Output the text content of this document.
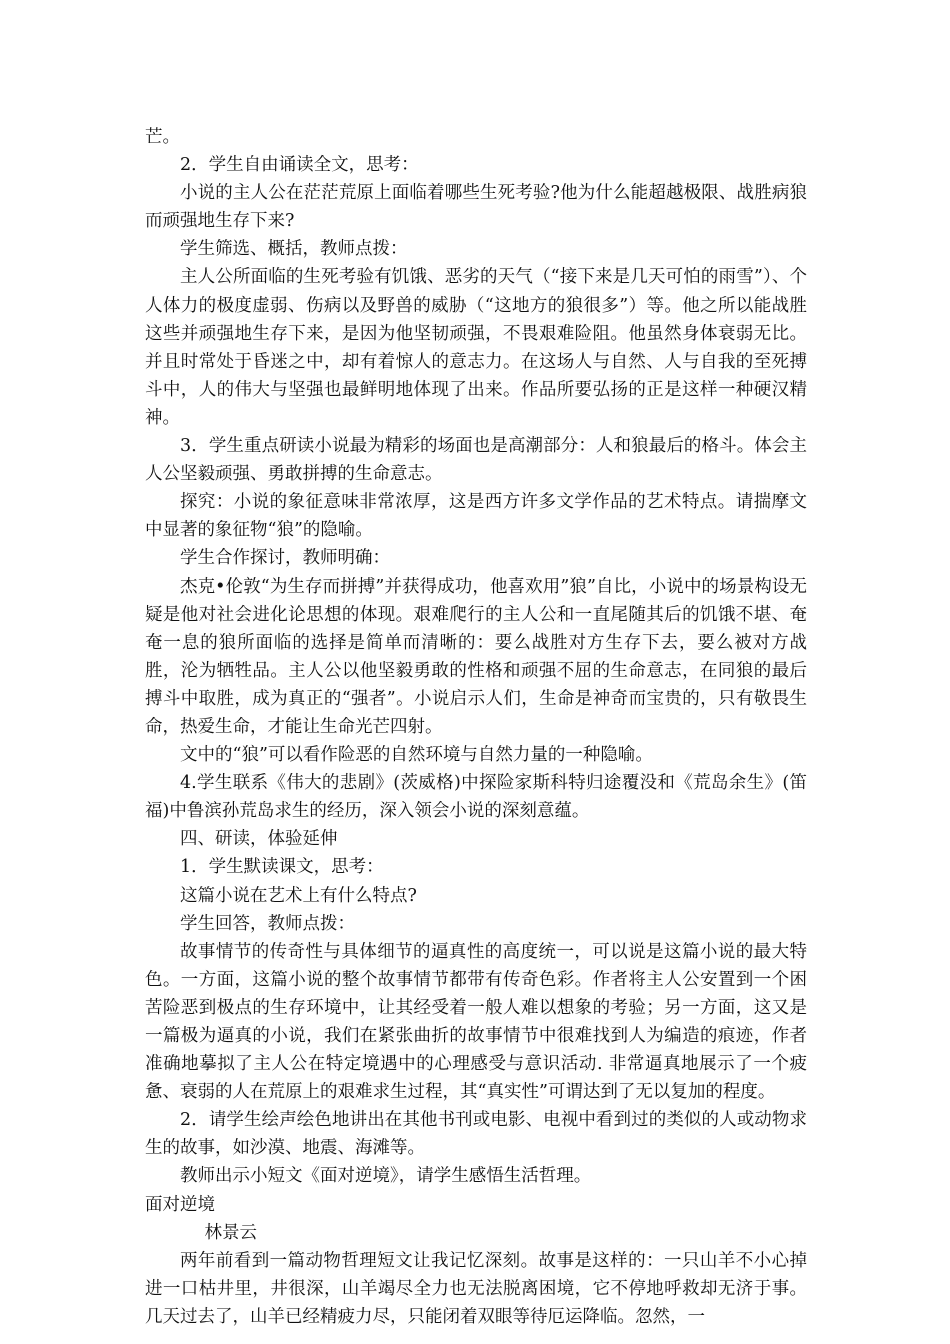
芒。

2．学生自由诵读全文，思考：

小说的主人公在茫茫荒原上面临着哪些生死考验?他为什么能超越极限、战胜病狼而顽强地生存下来?

学生筛选、概括，教师点拨：

主人公所面临的生死考验有饥饿、恶劣的天气（“接下来是几天可怕的雨雪”）、个人体力的极度虚弱、伤病以及野兽的威胁（“这地方的狼很多”）等。他之所以能战胜这些并顽强地生存下来，是因为他坚韧顽强，不畏艰难险阻。他虽然身体衰弱无比。并且时常处于昏迷之中，却有着惊人的意志力。在这场人与自然、人与自我的至死搏斗中，人的伟大与坚强也最鲜明地体现了出来。作品所要弘扬的正是这样一种硬汉精神。

3．学生重点研读小说最为精彩的场面也是高潮部分：人和狼最后的格斗。体会主人公坚毅顽强、勇敢拼搏的生命意志。

探究：小说的象征意味非常浓厚，这是西方许多文学作品的艺术特点。请揣摩文中显著的象征物“狼”的隐喻。

学生合作探讨，教师明确：

杰克•伦敦“为生存而拼搏”并获得成功，他喜欢用”狼”自比，小说中的场景构设无疑是他对社会进化论思想的体现。艰难爬行的主人公和一直尾随其后的饥饿不堪、奄奄一息的狼所面临的选择是简单而清晰的：要么战胜对方生存下去，要么被对方战胜，沦为牺牲品。主人公以他坚毅勇敢的性格和顽强不屈的生命意志，在同狼的最后搏斗中取胜，成为真正的“强者”。小说启示人们，生命是神奇而宝贵的，只有敬畏生命，热爱生命，才能让生命光芒四射。

文中的“狼”可以看作险恶的自然环境与自然力量的一种隐喻。

4.学生联系《伟大的悲剧》(茨威格)中探险家斯科特归途覆没和《荒岛余生》(笛福)中鲁滨孙荒岛求生的经历，深入领会小说的深刻意蕴。

四、研读，体验延伸

1．学生默读课文，思考：

这篇小说在艺术上有什么特点?

学生回答，教师点拨：

故事情节的传奇性与具体细节的逼真性的高度统一，可以说是这篇小说的最大特色。一方面，这篇小说的整个故事情节都带有传奇色彩。作者将主人公安置到一个困苦险恶到极点的生存环境中，让其经受着一般人难以想象的考验；另一方面，这又是一篇极为逼真的小说，我们在紧张曲折的故事情节中很难找到人为编造的痕迹，作者准确地摹拟了主人公在特定境遇中的心理感受与意识活动. 非常逼真地展示了一个疲惫、衰弱的人在荒原上的艰难求生过程，其“真实性”可谓达到了无以复加的程度。

2．请学生绘声绘色地讲出在其他书刊或电影、电视中看到过的类似的人或动物求生的故事，如沙漠、地震、海滩等。

教师出示小短文《面对逆境》，请学生感悟生活哲理。

面对逆境

林景云

两年前看到一篇动物哲理短文让我记忆深刻。故事是这样的：一只山羊不小心掉进一口枯井里，井很深，山羊竭尽全力也无法脱离困境，它不停地呼救却无济于事。几天过去了，山羊已经精疲力尽，只能闭着双眼等待厄运降临。忽然，一
